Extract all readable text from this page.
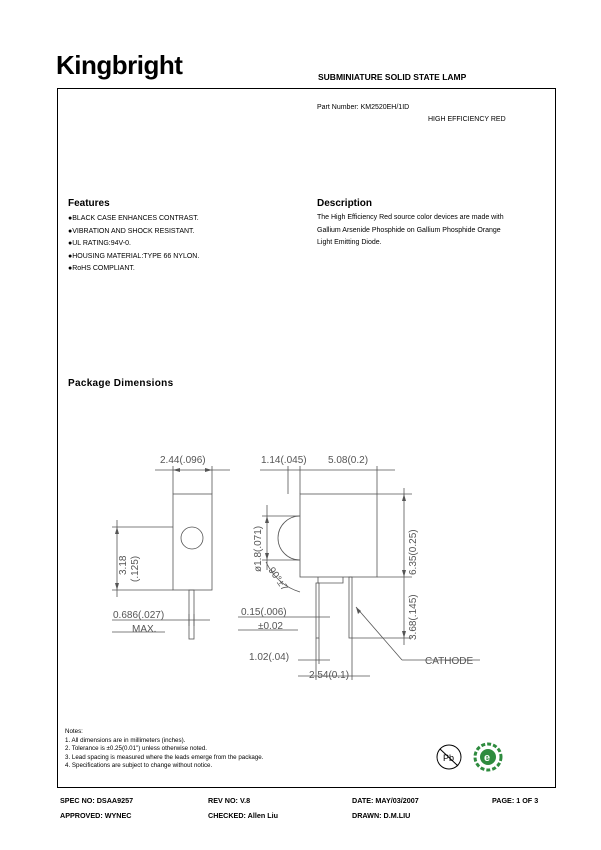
Kingbright	SUBMINIATURE SOLID STATE LAMP
Part Number: KM2520EH/1ID
HIGH EFFICIENCY RED
Features
●BLACK CASE ENHANCES CONTRAST.
●VIBRATION AND SHOCK RESISTANT.
●UL RATING:94V-0.
●HOUSING MATERIAL:TYPE 66 NYLON.
●RoHS COMPLIANT.
Description
The High Efficiency Red source color devices are made with
Gallium Arsenide Phosphide on Gallium Phosphide Orange
Light Emitting Diode.
Package Dimensions
2.44(.096)	1.14(.045) 5.08(0.2)
3.18 (.125)	ø1.8(.071)
90°±7
6.35(0.25)
3.68(.145)
0.686(.027)
MAX.
0.15(.006)
±0.02
1.02(.04)
2.54(0.1)
CATHODE
Pb	e
Notes:
1. All dimensions are in millimeters (inches).
2. Tolerance is ±0.25(0.01") unless otherwise noted.
3. Lead spacing is measured where the leads emerge from the package.
4. Specifications are subject to change without notice.
SPEC NO: DSAA9257	REV NO: V.8	DATE: MAY/03/2007	PAGE: 1 OF 3
APPROVED: WYNEC	CHECKED: Allen Liu	DRAWN: D.M.LIU
